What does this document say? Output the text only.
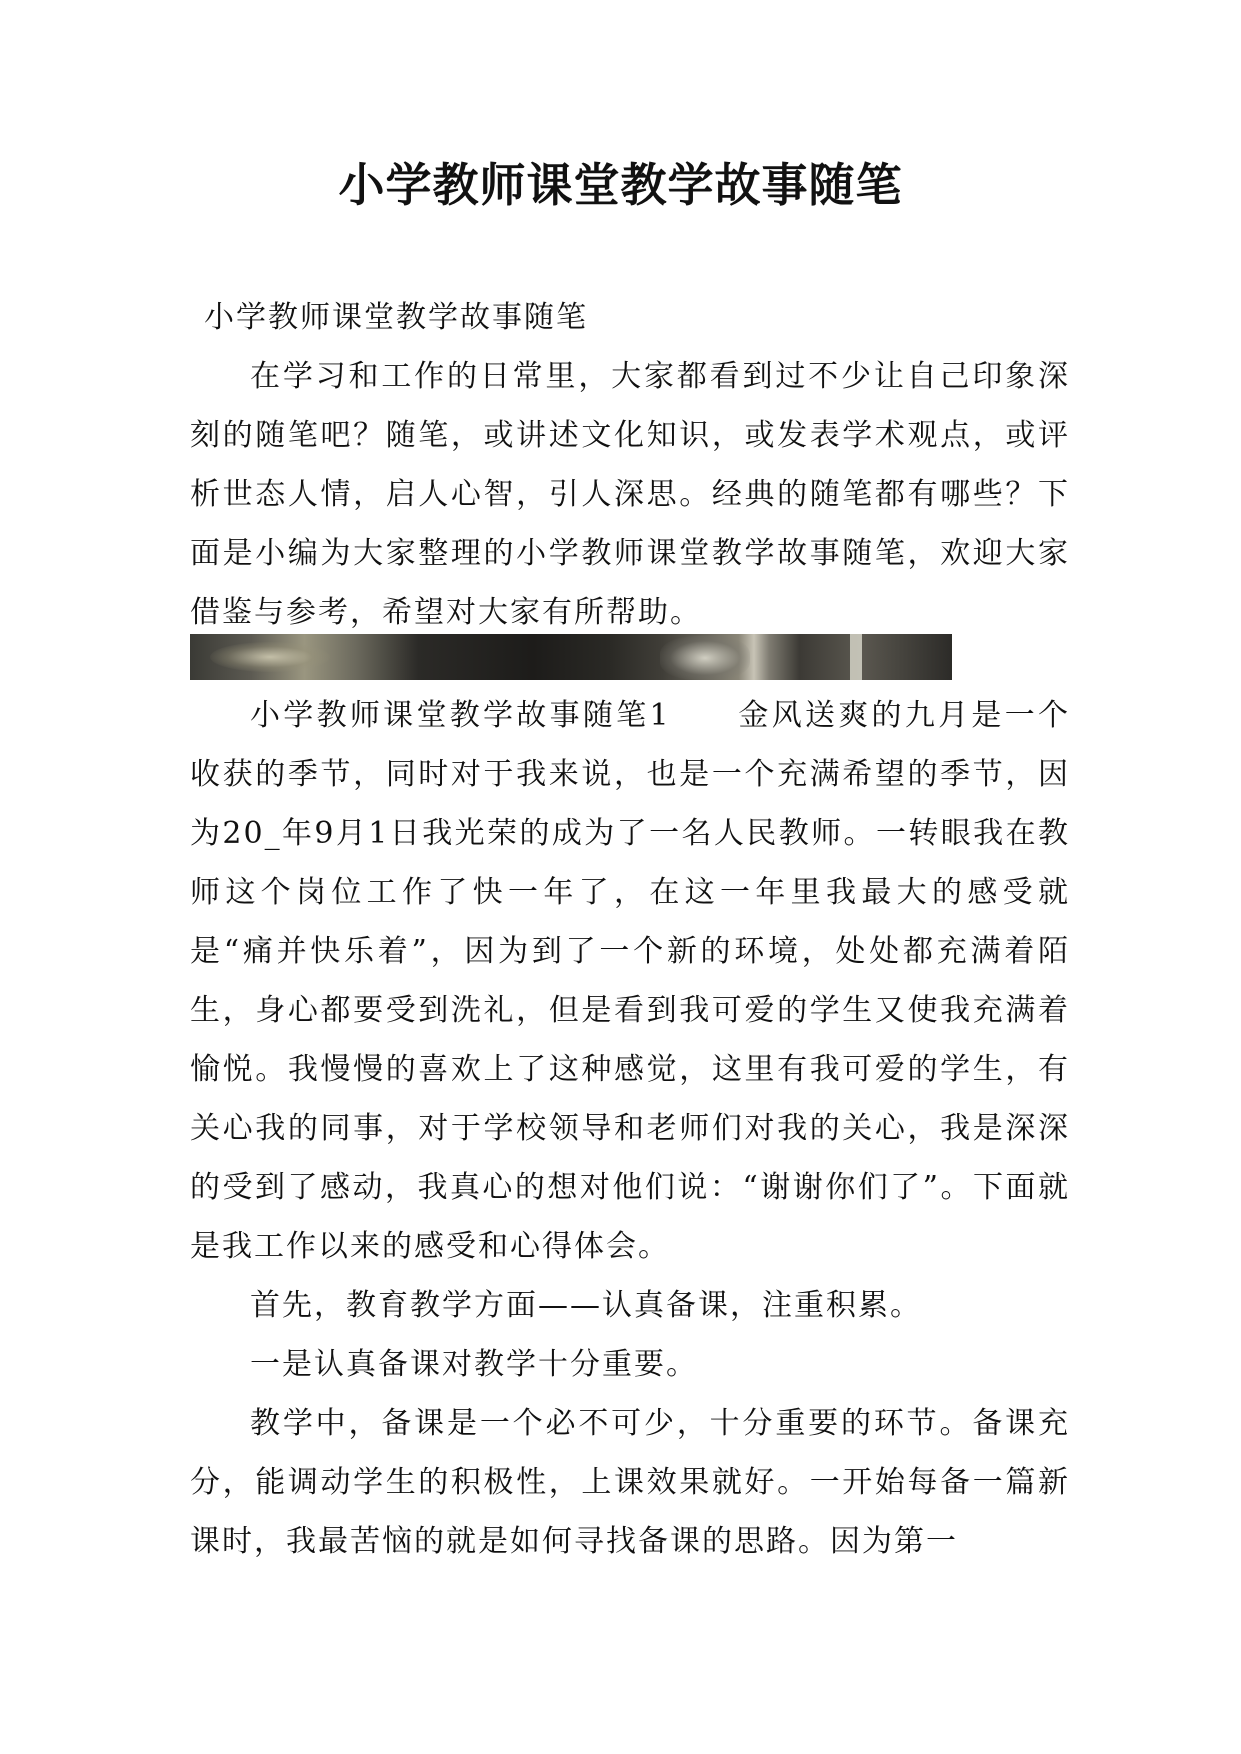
小学教师课堂教学故事随笔
小学教师课堂教学故事随笔

在学习和工作的日常里，大家都看到过不少让自己印象深刻的随笔吧？随笔，或讲述文化知识，或发表学术观点，或评析世态人情，启人心智，引人深思。经典的随笔都有哪些？下面是小编为大家整理的小学教师课堂教学故事随笔，欢迎大家借鉴与参考，希望对大家有所帮助。

小学教师课堂教学故事随笔1　　金风送爽的九月是一个收获的季节，同时对于我来说，也是一个充满希望的季节，因为20_年9月1日我光荣的成为了一名人民教师。一转眼我在教师这个岗位工作了快一年了，在这一年里我最大的感受就是“痛并快乐着”，因为到了一个新的环境，处处都充满着陌生，身心都要受到洗礼，但是看到我可爱的学生又使我充满着愉悦。我慢慢的喜欢上了这种感觉，这里有我可爱的学生，有关心我的同事，对于学校领导和老师们对我的关心，我是深深的受到了感动，我真心的想对他们说：“谢谢你们了”。下面就是我工作以来的感受和心得体会。

首先，教育教学方面——认真备课，注重积累。

一是认真备课对教学十分重要。

教学中，备课是一个必不可少，十分重要的环节。备课充分，能调动学生的积极性，上课效果就好。一开始每备一篇新课时，我最苦恼的就是如何寻找备课的思路。因为第一
